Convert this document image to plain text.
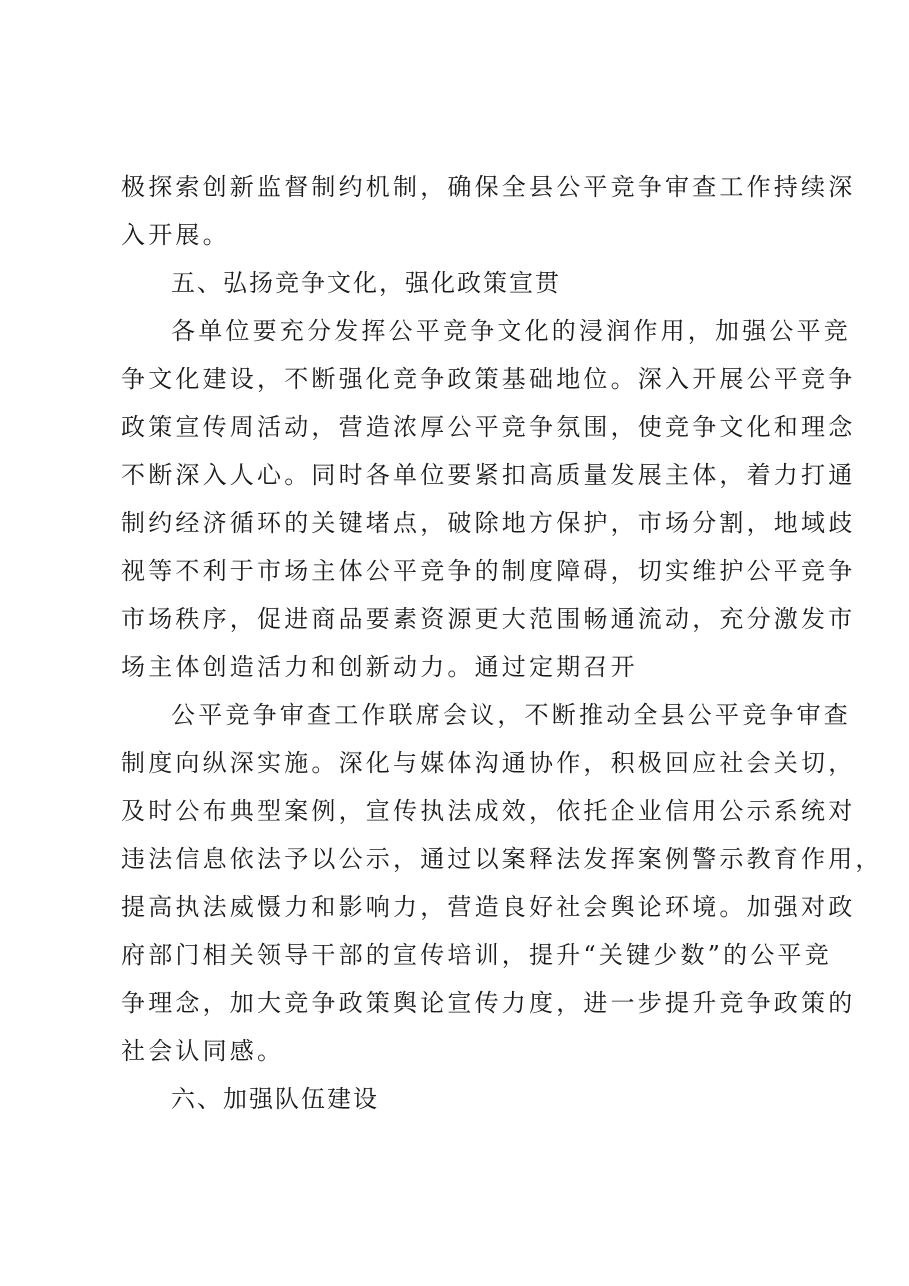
极探索创新监督制约机制，确保全县公平竞争审查工作持续深
入开展。
五、弘扬竞争文化，强化政策宣贯
各单位要充分发挥公平竞争文化的浸润作用，加强公平竞
争文化建设，不断强化竞争政策基础地位。深入开展公平竞争
政策宣传周活动，营造浓厚公平竞争氛围，使竞争文化和理念
不断深入人心。同时各单位要紧扣高质量发展主体，着力打通
制约经济循环的关键堵点，破除地方保护，市场分割，地域歧
视等不利于市场主体公平竞争的制度障碍，切实维护公平竞争
市场秩序，促进商品要素资源更大范围畅通流动，充分激发市
场主体创造活力和创新动力。通过定期召开
公平竞争审查工作联席会议，不断推动全县公平竞争审查
制度向纵深实施。深化与媒体沟通协作，积极回应社会关切，
及时公布典型案例，宣传执法成效，依托企业信用公示系统对
违法信息依法予以公示，通过以案释法发挥案例警示教育作用，
提高执法威慑力和影响力，营造良好社会舆论环境。加强对政
府部门相关领导干部的宣传培训，提升“关键少数”的公平竞
争理念，加大竞争政策舆论宣传力度，进一步提升竞争政策的
社会认同感。
六、加强队伍建设
